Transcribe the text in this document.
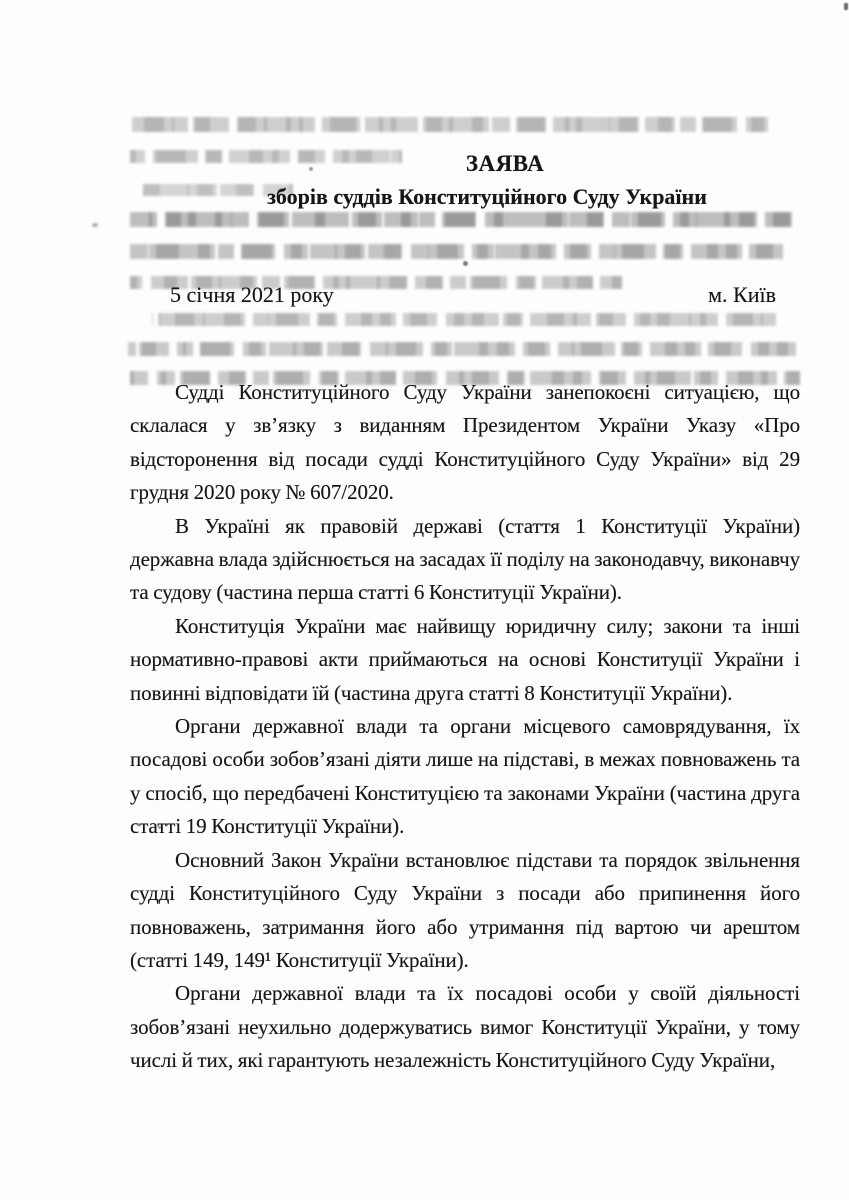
ЗАЯВА
зборів суддів Конституційного Суду України
5 січня 2021 року	м. Київ

Судді Конституційного Суду України занепокоєні ситуацією, що склалася у зв’язку з виданням Президентом України Указу «Про відсторонення від посади судді Конституційного Суду України» від 29 грудня 2020 року № 607/2020.

В Україні як правовій державі (стаття 1 Конституції України) державна влада здійснюється на засадах її поділу на законодавчу, виконавчу та судову (частина перша статті 6 Конституції України).

Конституція України має найвищу юридичну силу; закони та інші нормативно-правові акти приймаються на основі Конституції України і повинні відповідати їй (частина друга статті 8 Конституції України).

Органи державної влади та органи місцевого самоврядування, їх посадові особи зобов’язані діяти лише на підставі, в межах повноважень та у спосіб, що передбачені Конституцією та законами України (частина друга статті 19 Конституції України).

Основний Закон України встановлює підстави та порядок звільнення судді Конституційного Суду України з посади або припинення його повноважень, затримання його або утримання під вартою чи арештом (статті 149, 149¹ Конституції України).

Органи державної влади та їх посадові особи у своїй діяльності зобов’язані неухильно додержуватись вимог Конституції України, у тому числі й тих, які гарантують незалежність Конституційного Суду України,
